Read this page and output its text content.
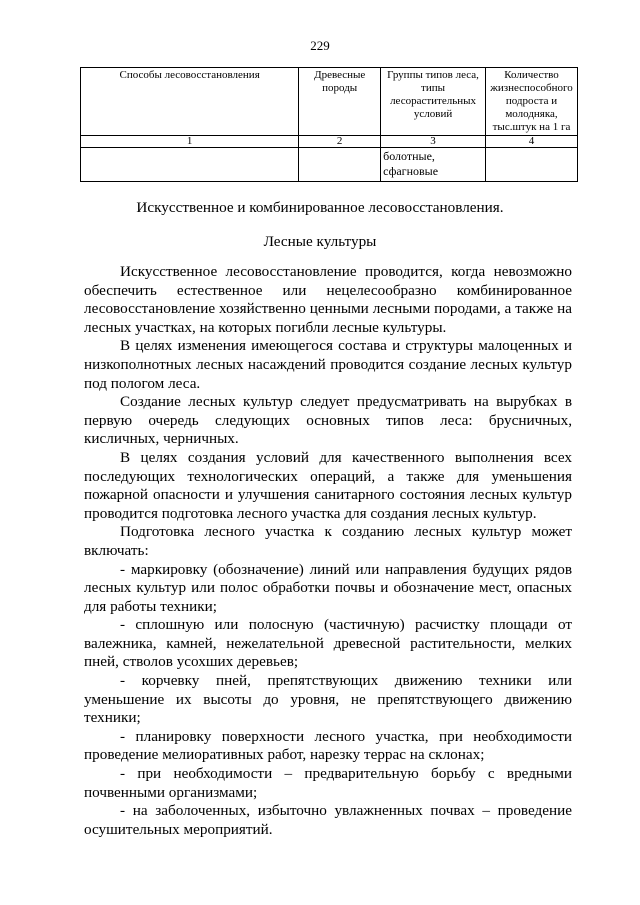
229
Способы лесовосстановления	Древесные породы	Группы типов леса, типы лесорастительных условий	Количество жизнеспособного подроста и молодняка, тыс.штук на 1 га
1	2	3	4
		болотные, сфагновые	
Искусственное и комбинированное лесовосстановления.
Лесные культуры

Искусственное лесовосстановление проводится, когда невозможно обеспечить естественное или нецелесообразно комбинированное лесовосстановление хозяйственно ценными лесными породами, а также на лесных участках, на которых погибли лесные культуры.

В целях изменения имеющегося состава и структуры малоценных и низкополнотных лесных насаждений проводится создание лесных культур под пологом леса.

Создание лесных культур следует предусматривать на вырубках в первую очередь следующих основных типов леса: брусничных, кисличных, черничных.

В целях создания условий для качественного выполнения всех последующих технологических операций, а также для уменьшения пожарной опасности и улучшения санитарного состояния лесных культур проводится подготовка лесного участка для создания лесных культур.

Подготовка лесного участка к созданию лесных культур может включать:

- маркировку (обозначение) линий или направления будущих рядов лесных культур или полос обработки почвы и обозначение мест, опасных для работы техники;

- сплошную или полосную (частичную) расчистку площади от валежника, камней, нежелательной древесной растительности, мелких пней, стволов усохших деревьев;

- корчевку пней, препятствующих движению техники или уменьшение их высоты до уровня, не препятствующего движению техники;

- планировку поверхности лесного участка, при необходимости проведение мелиоративных работ, нарезку террас на склонах;

- при необходимости – предварительную борьбу с вредными почвенными организмами;

- на заболоченных, избыточно увлажненных почвах – проведение осушительных мероприятий.
